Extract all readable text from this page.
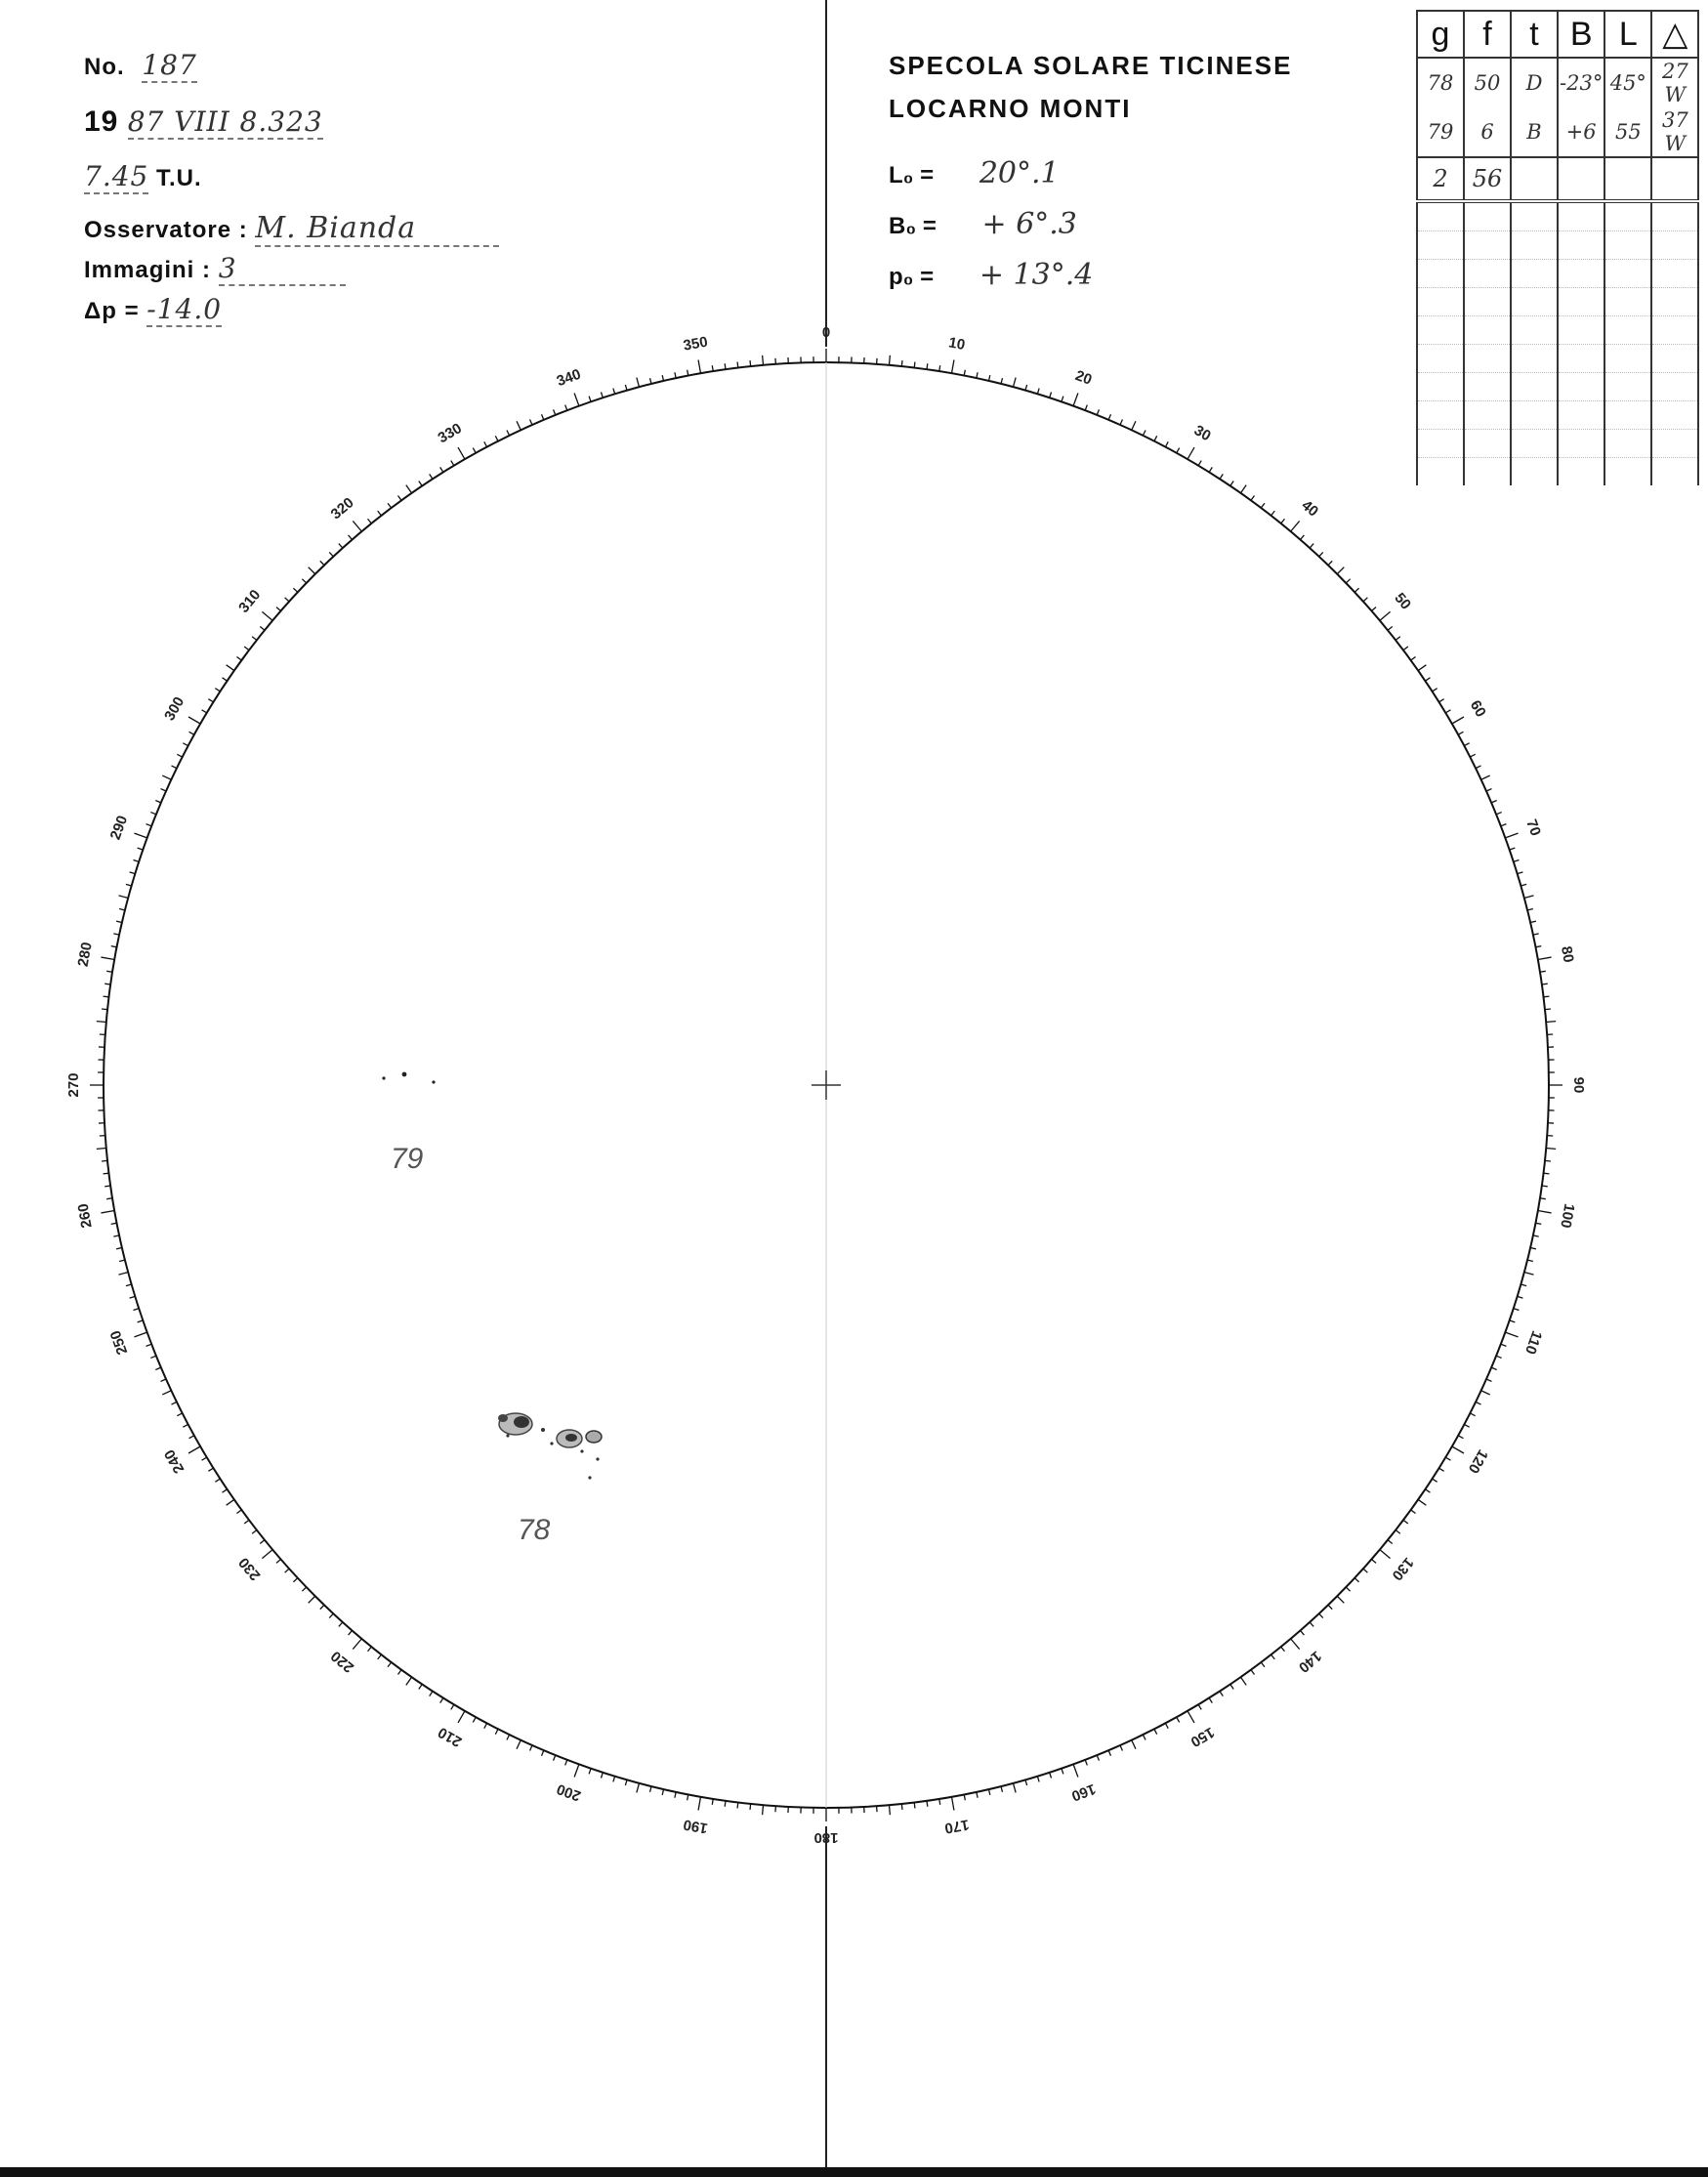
No. 187
19 87 VIII 8.323
7.45 T.U.
Osservatore : M. Bianda
Immagini : 3
Δp = -14.0
SPECOLA SOLARE TICINESE
LOCARNO MONTI
L₀ = 20°.1
B₀ = + 6°.3
p₀ = + 13°.4
g	f	t	B	L	△
78	50	D	-23°	45°	27 W
79	6	B	+6	55	37 W
2	56				

0
10
20
30
40
50
60
70
80
90
100
110
120
130
140
150
160
170
180
190
200
210
220
230
240
250
260
270
280
290
300
310
320
330
340
350
79
78
